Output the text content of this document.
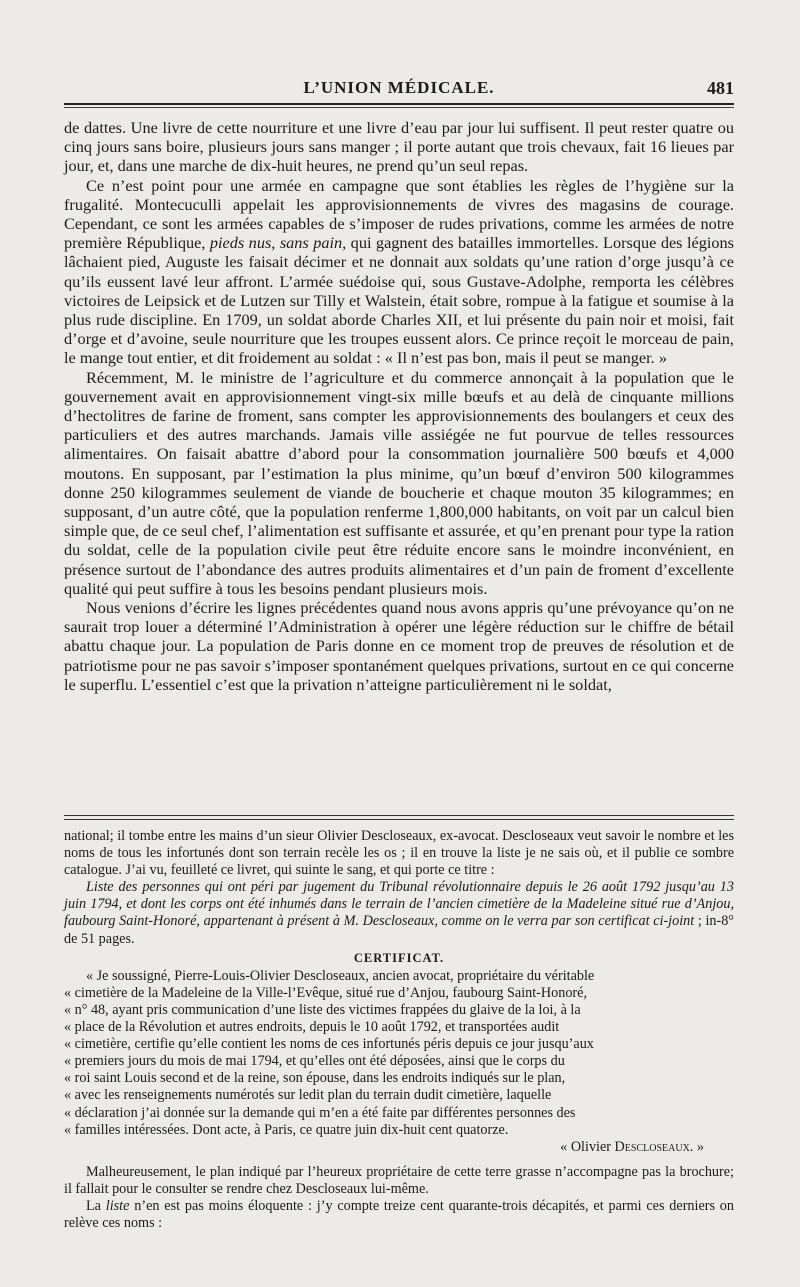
L’UNION MÉDICALE.	481

de dattes. Une livre de cette nourriture et une livre d’eau par jour lui suffisent. Il peut rester quatre ou cinq jours sans boire, plusieurs jours sans manger ; il porte autant que trois chevaux, fait 16 lieues par jour, et, dans une marche de dix-huit heures, ne prend qu’un seul repas.

Ce n’est point pour une armée en campagne que sont établies les règles de l’hygiène sur la frugalité. Montecuculli appelait les approvisionnements de vivres des magasins de courage. Cependant, ce sont les armées capables de s’imposer de rudes privations, comme les armées de notre première République, pieds nus, sans pain, qui gagnent des batailles immortelles. Lorsque des légions lâchaient pied, Auguste les faisait décimer et ne donnait aux soldats qu’une ration d’orge jusqu’à ce qu’ils eussent lavé leur affront. L’armée suédoise qui, sous Gustave-Adolphe, remporta les célèbres victoires de Leipsick et de Lutzen sur Tilly et Walstein, était sobre, rompue à la fatigue et soumise à la plus rude discipline. En 1709, un soldat aborde Charles XII, et lui présente du pain noir et moisi, fait d’orge et d’avoine, seule nourriture que les troupes eussent alors. Ce prince reçoit le morceau de pain, le mange tout entier, et dit froidement au soldat : « Il n’est pas bon, mais il peut se manger. »

Récemment, M. le ministre de l’agriculture et du commerce annonçait à la population que le gouvernement avait en approvisionnement vingt-six mille bœufs et au delà de cinquante millions d’hectolitres de farine de froment, sans compter les approvisionnements des boulangers et ceux des particuliers et des autres marchands. Jamais ville assiégée ne fut pourvue de telles ressources alimentaires. On faisait abattre d’abord pour la consommation journalière 500 bœufs et 4,000 moutons. En supposant, par l’estimation la plus minime, qu’un bœuf d’environ 500 kilogrammes donne 250 kilogrammes seulement de viande de boucherie et chaque mouton 35 kilogrammes; en supposant, d’un autre côté, que la population renferme 1,800,000 habitants, on voit par un calcul bien simple que, de ce seul chef, l’alimentation est suffisante et assurée, et qu’en prenant pour type la ration du soldat, celle de la population civile peut être réduite encore sans le moindre inconvénient, en présence surtout de l’abondance des autres produits alimentaires et d’un pain de froment d’excellente qualité qui peut suffire à tous les besoins pendant plusieurs mois.

Nous venions d’écrire les lignes précédentes quand nous avons appris qu’une prévoyance qu’on ne saurait trop louer a déterminé l’Administration à opérer une légère réduction sur le chiffre de bétail abattu chaque jour. La population de Paris donne en ce moment trop de preuves de résolution et de patriotisme pour ne pas savoir s’imposer spontanément quelques privations, surtout en ce qui concerne le superflu. L’essentiel c’est que la privation n’atteigne particulièrement ni le soldat,

national; il tombe entre les mains d’un sieur Olivier Descloseaux, ex-avocat. Descloseaux veut savoir le nombre et les noms de tous les infortunés dont son terrain recèle les os ; il en trouve la liste je ne sais où, et il publie ce sombre catalogue. J’ai vu, feuilleté ce livret, qui suinte le sang, et qui porte ce titre :

Liste des personnes qui ont péri par jugement du Tribunal révolutionnaire depuis le 26 août 1792 jusqu’au 13 juin 1794, et dont les corps ont été inhumés dans le terrain de l’ancien cimetière de la Madeleine situé rue d’Anjou, faubourg Saint-Honoré, appartenant à présent à M. Descloseaux, comme on le verra par son certificat ci-joint ; in-8° de 51 pages.

CERTIFICAT.

« Je soussigné, Pierre-Louis-Olivier Descloseaux, ancien avocat, propriétaire du véritable

« cimetière de la Madeleine de la Ville-l’Evêque, situé rue d’Anjou, faubourg Saint-Honoré,

« n° 48, ayant pris communication d’une liste des victimes frappées du glaive de la loi, à la

« place de la Révolution et autres endroits, depuis le 10 août 1792, et transportées audit

« cimetière, certifie qu’elle contient les noms de ces infortunés péris depuis ce jour jusqu’aux

« premiers jours du mois de mai 1794, et qu’elles ont été déposées, ainsi que le corps du

« roi saint Louis second et de la reine, son épouse, dans les endroits indiqués sur le plan,

« avec les renseignements numérotés sur ledit plan du terrain dudit cimetière, laquelle

« déclaration j’ai donnée sur la demande qui m’en a été faite par différentes personnes des

« familles intéressées. Dont acte, à Paris, ce quatre juin dix-huit cent quatorze.

« Olivier Descloseaux. »

Malheureusement, le plan indiqué par l’heureux propriétaire de cette terre grasse n’accompagne pas la brochure; il fallait pour le consulter se rendre chez Descloseaux lui-même.

La liste n’en est pas moins éloquente : j’y compte treize cent quarante-trois décapités, et parmi ces derniers on relève ces noms :
